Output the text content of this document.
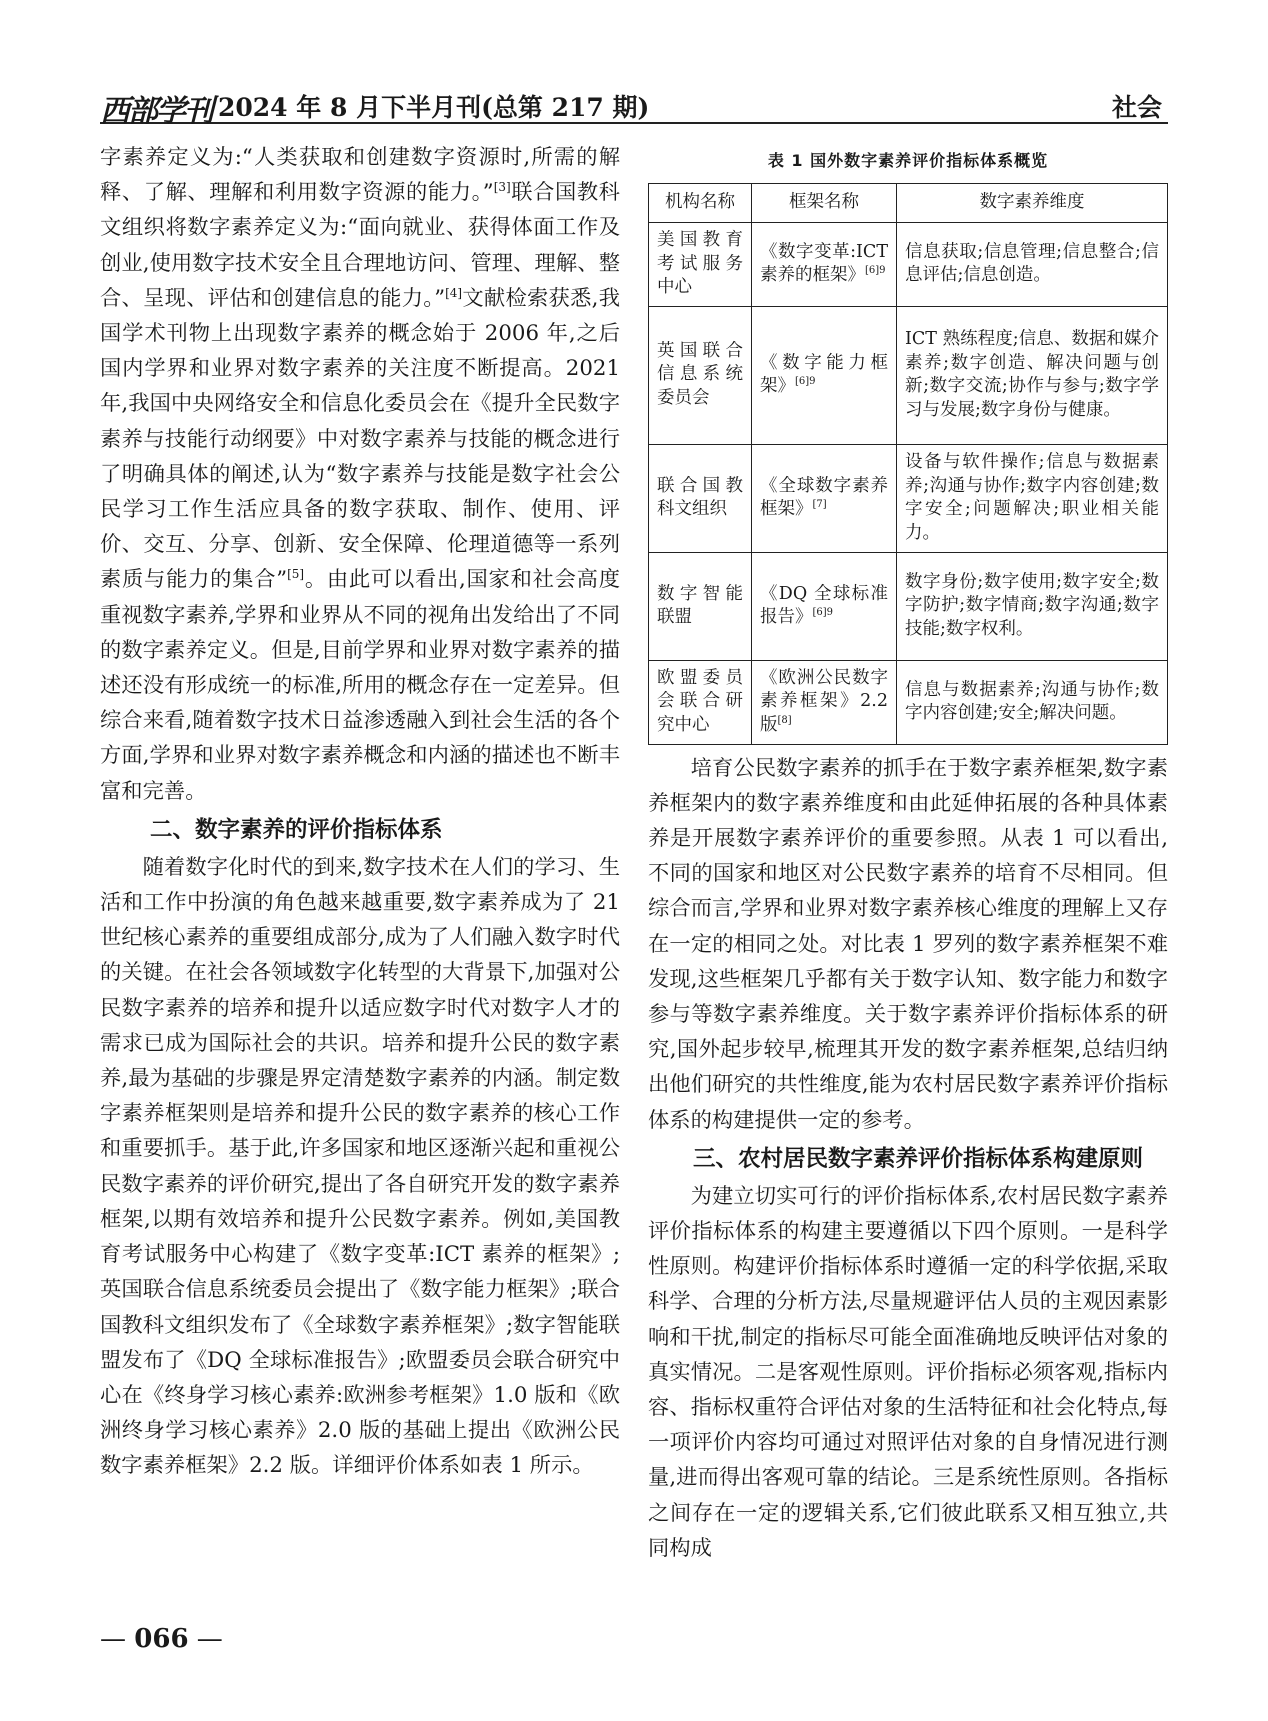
西部学刊 2024 年 8 月下半月刊(总第 217 期)	社会

字素养定义为:“人类获取和创建数字资源时,所需的解释、了解、理解和利用数字资源的能力。”[3]联合国教科文组织将数字素养定义为:“面向就业、获得体面工作及创业,使用数字技术安全且合理地访问、管理、理解、整合、呈现、评估和创建信息的能力。”[4]文献检索获悉,我国学术刊物上出现数字素养的概念始于 2006 年,之后国内学界和业界对数字素养的关注度不断提高。2021 年,我国中央网络安全和信息化委员会在《提升全民数字素养与技能行动纲要》中对数字素养与技能的概念进行了明确具体的阐述,认为“数字素养与技能是数字社会公民学习工作生活应具备的数字获取、制作、使用、评价、交互、分享、创新、安全保障、伦理道德等一系列素质与能力的集合”[5]。由此可以看出,国家和社会高度重视数字素养,学界和业界从不同的视角出发给出了不同的数字素养定义。但是,目前学界和业界对数字素养的描述还没有形成统一的标准,所用的概念存在一定差异。但综合来看,随着数字技术日益渗透融入到社会生活的各个方面,学界和业界对数字素养概念和内涵的描述也不断丰富和完善。

二、数字素养的评价指标体系

随着数字化时代的到来,数字技术在人们的学习、生活和工作中扮演的角色越来越重要,数字素养成为了 21 世纪核心素养的重要组成部分,成为了人们融入数字时代的关键。在社会各领域数字化转型的大背景下,加强对公民数字素养的培养和提升以适应数字时代对数字人才的需求已成为国际社会的共识。培养和提升公民的数字素养,最为基础的步骤是界定清楚数字素养的内涵。制定数字素养框架则是培养和提升公民的数字素养的核心工作和重要抓手。基于此,许多国家和地区逐渐兴起和重视公民数字素养的评价研究,提出了各自研究开发的数字素养框架,以期有效培养和提升公民数字素养。例如,美国教育考试服务中心构建了《数字变革:ICT 素养的框架》;英国联合信息系统委员会提出了《数字能力框架》;联合国教科文组织发布了《全球数字素养框架》;数字智能联盟发布了《DQ 全球标准报告》;欧盟委员会联合研究中心在《终身学习核心素养:欧洲参考框架》1.0 版和《欧洲终身学习核心素养》2.0 版的基础上提出《欧洲公民数字素养框架》2.2 版。详细评价体系如表 1 所示。

表 1 国外数字素养评价指标体系概览
机构名称	框架名称	数字素养维度
美国教育考试服务中心	《数字变革:ICT 素养的框架》$^{[6]9}$	信息获取;信息管理;信息整合;信息评估;信息创造。
英国联合信息系统委员会	《数字能力框架》$^{[6]9}$	ICT 熟练程度;信息、数据和媒介素养;数字创造、解决问题与创新;数字交流;协作与参与;数字学习与发展;数字身份与健康。
联合国教科文组织	《全球数字素养框架》[7]	设备与软件操作;信息与数据素养;沟通与协作;数字内容创建;数字安全;问题解决;职业相关能力。
数字智能联盟	《DQ 全球标准报告》$^{[6]9}$	数字身份;数字使用;数字安全;数字防护;数字情商;数字沟通;数字技能;数字权利。
欧盟委员会联合研究中心	《欧洲公民数字素养框架》2.2 版[8]	信息与数据素养;沟通与协作;数字内容创建;安全;解决问题。

培育公民数字素养的抓手在于数字素养框架,数字素养框架内的数字素养维度和由此延伸拓展的各种具体素养是开展数字素养评价的重要参照。从表 1 可以看出,不同的国家和地区对公民数字素养的培育不尽相同。但综合而言,学界和业界对数字素养核心维度的理解上又存在一定的相同之处。对比表 1 罗列的数字素养框架不难发现,这些框架几乎都有关于数字认知、数字能力和数字参与等数字素养维度。关于数字素养评价指标体系的研究,国外起步较早,梳理其开发的数字素养框架,总结归纳出他们研究的共性维度,能为农村居民数字素养评价指标体系的构建提供一定的参考。

三、农村居民数字素养评价指标体系构建原则

为建立切实可行的评价指标体系,农村居民数字素养评价指标体系的构建主要遵循以下四个原则。一是科学性原则。构建评价指标体系时遵循一定的科学依据,采取科学、合理的分析方法,尽量规避评估人员的主观因素影响和干扰,制定的指标尽可能全面准确地反映评估对象的真实情况。二是客观性原则。评价指标必须客观,指标内容、指标权重符合评估对象的生活特征和社会化特点,每一项评价内容均可通过对照评估对象的自身情况进行测量,进而得出客观可靠的结论。三是系统性原则。各指标之间存在一定的逻辑关系,它们彼此联系又相互独立,共同构成

— 066 —
